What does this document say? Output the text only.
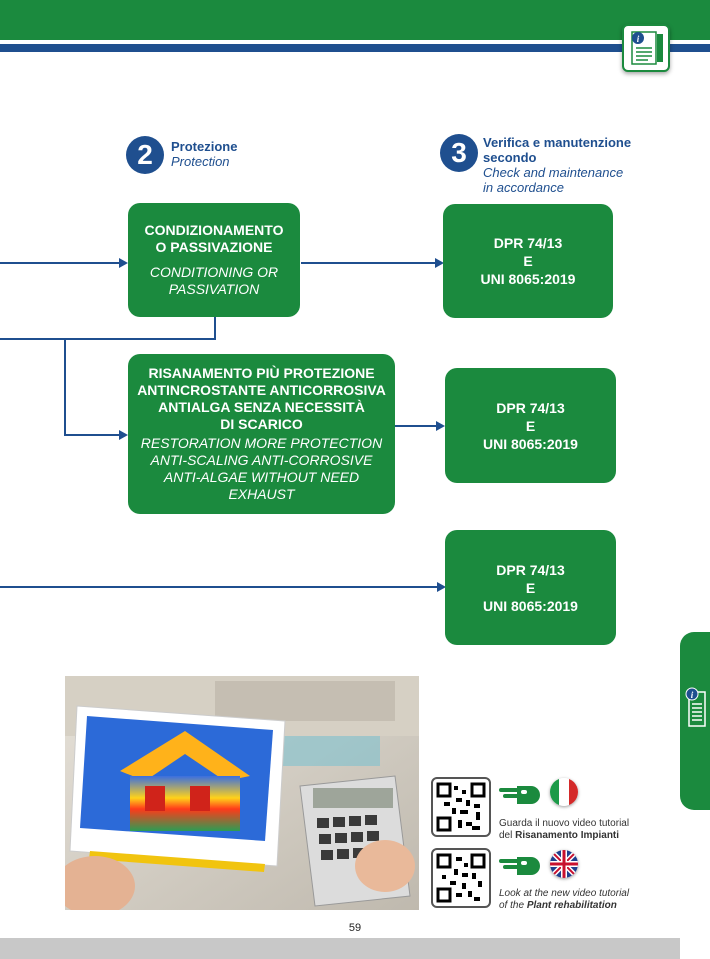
i
2	Protezione
Protection	3	Verifica e manutenzione
secondo
Check and maintenance
in accordance
CONDIZIONAMENTO
O PASSIVAZIONE
CONDITIONING OR
PASSIVATION
RISANAMENTO PIÙ PROTEZIONE
ANTINCROSTANTE ANTICORROSIVA
ANTIALGA SENZA NECESSITÀ
DI SCARICO
RESTORATION MORE PROTECTION
ANTI-SCALING ANTI-CORROSIVE
ANTI-ALGAE WITHOUT NEED
EXHAUST
DPR 74/13
E
UNI 8065:2019
DPR 74/13
E
UNI 8065:2019
DPR 74/13
E
UNI 8065:2019
i
Guarda il nuovo video tutorial
del Risanamento Impianti
Look at the new video tutorial
of the Plant rehabilitation
59
